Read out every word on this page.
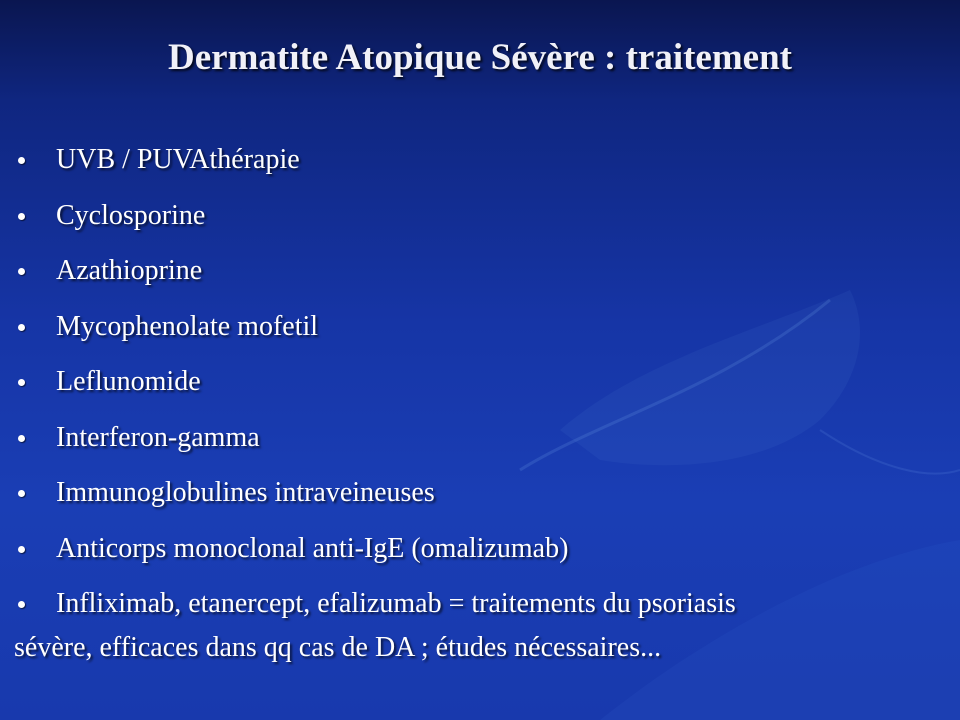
Dermatite Atopique Sévère : traitement
UVB / PUVAthérapie
Cyclosporine
Azathioprine
Mycophenolate mofetil
Leflunomide
Interferon-gamma
Immunoglobulines intraveineuses
Anticorps monoclonal anti-IgE (omalizumab)
Infliximab, etanercept, efalizumab = traitements du psoriasis
sévère, efficaces dans qq cas de DA ; études nécessaires...
